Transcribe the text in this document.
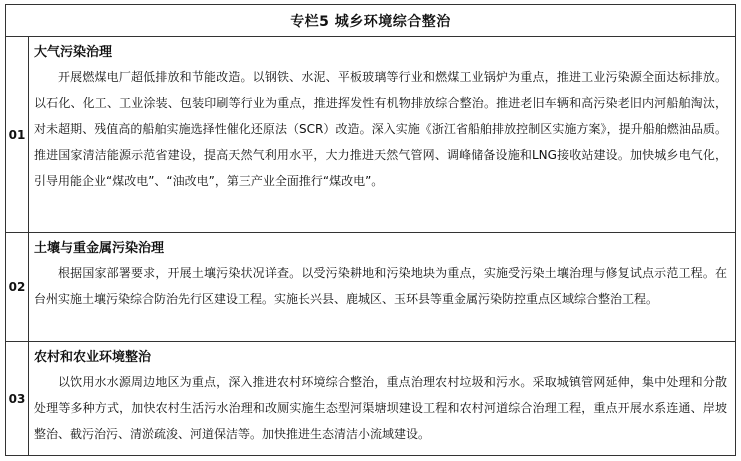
专栏5 城乡环境综合整治
01
大气污染治理

开展燃煤电厂超低排放和节能改造。以钢铁、水泥、平板玻璃等行业和燃煤工业锅炉为重点，推进工业污染源全面达标排放。以石化、化工、工业涂装、包装印刷等行业为重点，推进挥发性有机物排放综合整治。推进老旧车辆和高污染老旧内河船舶淘汰，对未超期、残值高的船舶实施选择性催化还原法（SCR）改造。深入实施《浙江省船舶排放控制区实施方案》，提升船舶燃油品质。推进国家清洁能源示范省建设，提高天然气利用水平，大力推进天然气管网、调峰储备设施和LNG接收站建设。加快城乡电气化，引导用能企业“煤改电”、“油改电”，第三产业全面推行“煤改电”。

02
土壤与重金属污染治理

根据国家部署要求，开展土壤污染状况详查。以受污染耕地和污染地块为重点，实施受污染土壤治理与修复试点示范工程。在台州实施土壤污染综合防治先行区建设工程。实施长兴县、鹿城区、玉环县等重金属污染防控重点区域综合整治工程。

03
农村和农业环境整治

以饮用水水源周边地区为重点，深入推进农村环境综合整治，重点治理农村垃圾和污水。采取城镇管网延伸，集中处理和分散处理等多种方式，加快农村生活污水治理和改厕实施生态型河渠塘坝建设工程和农村河道综合治理工程，重点开展水系连通、岸坡整治、截污治污、清淤疏浚、河道保洁等。加快推进生态清洁小流域建设。
